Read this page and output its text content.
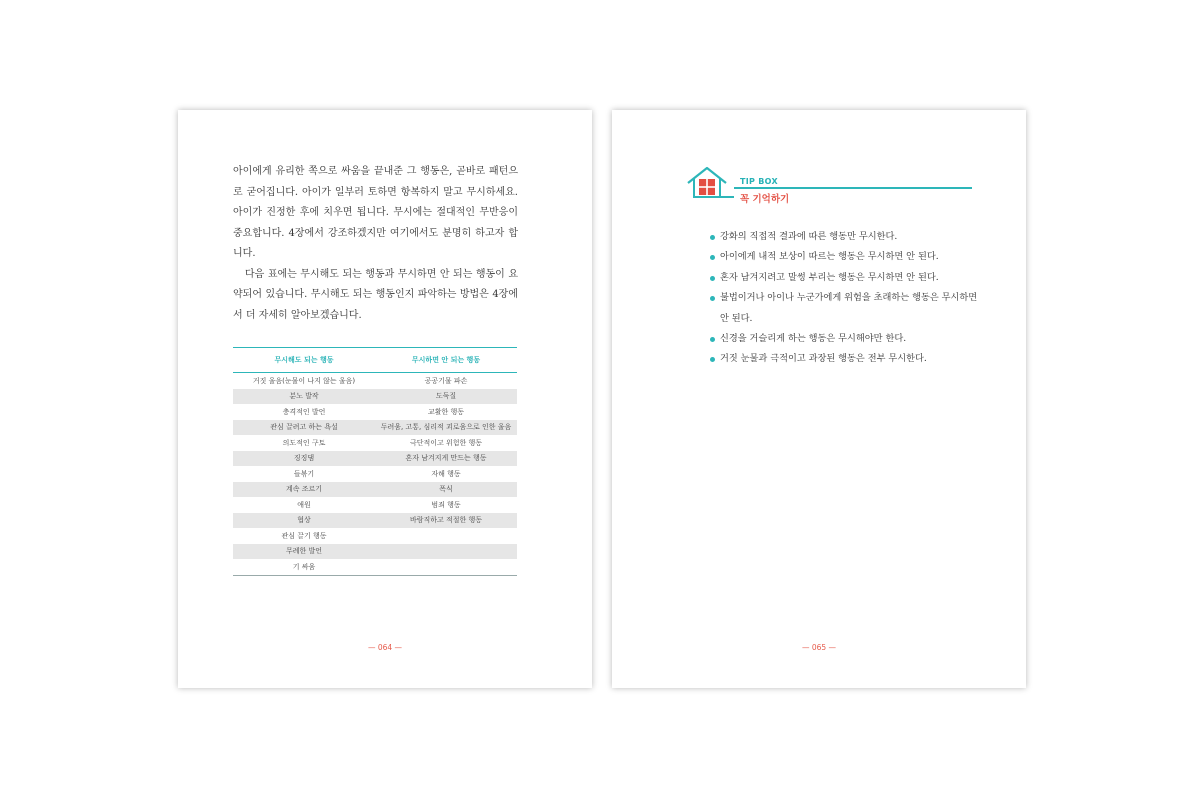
아이에게 유리한 쪽으로 싸움을 끝내준 그 행동은, 곧바로 패턴으로 굳어집니다. 아이가 일부러 토하면 항복하지 말고 무시하세요. 아이가 진정한 후에 치우면 됩니다. 무시에는 절대적인 무반응이 중요합니다. 4장에서 강조하겠지만 여기에서도 분명히 하고자 합니다.

다음 표에는 무시해도 되는 행동과 무시하면 안 되는 행동이 요약되어 있습니다. 무시해도 되는 행동인지 파악하는 방법은 4장에서 더 자세히 알아보겠습니다.

무시해도 되는 행동	무시하면 안 되는 행동
거짓 울음(눈물이 나지 않는 울음)	공공기물 파손
분노 발작	도둑질
충격적인 발언	교활한 행동
관심 끌려고 하는 욕설	두려움, 고통, 심리적 괴로움으로 인한 울음
의도적인 구토	극단적이고 위험한 행동
징징댐	혼자 남겨지게 만드는 행동
들볶기	자해 행동
계속 조르기	폭식
애원	범죄 행동
협상	바람직하고 적절한 행동
관심 끌기 행동	
무례한 발언	
기 싸움	
— 064 —
TIP BOX
꼭 기억하기
강화의 직접적 결과에 따른 행동만 무시한다.
아이에게 내적 보상이 따르는 행동은 무시하면 안 된다.
혼자 남겨지려고 말썽 부리는 행동은 무시하면 안 된다.
불법이거나 아이나 누군가에게 위험을 초래하는 행동은 무시하면 안 된다.
신경을 거슬리게 하는 행동은 무시해야만 한다.
거짓 눈물과 극적이고 과장된 행동은 전부 무시한다.
— 065 —
